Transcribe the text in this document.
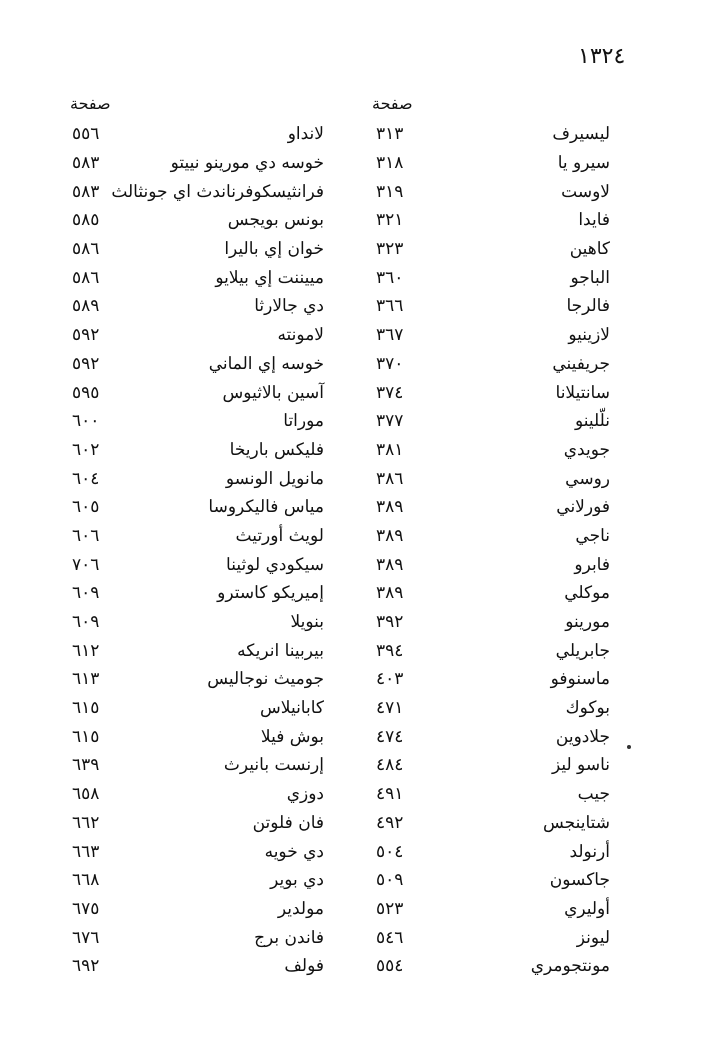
١٣٢٤
صفحة
صفحة
ليسيرف
٣١٣
سيرو يا
٣١٨
لاوست
٣١٩
فايدا
٣٢١
كاهين
٣٢٣
الباجو
٣٦٠
فالرجا
٣٦٦
لازينيو
٣٦٧
جريفيني
٣٧٠
سانتيلانا
٣٧٤
نلّلينو
٣٧٧
جويدي
٣٨١
روسي
٣٨٦
فورلاني
٣٨٩
ناجي
٣٨٩
فابرو
٣٨٩
موكلي
٣٨٩
مورينو
٣٩٢
جابريلي
٣٩٤
ماسنوفو
٤٠٣
بوكوك
٤٧١
جلادوين
٤٧٤
ناسو ليز
٤٨٤
جيب
٤٩١
شتاينجس
٤٩٢
أرنولد
٥٠٤
جاكسون
٥٠٩
أوليري
٥٢٣
ليونز
٥٤٦
مونتجومري
٥٥٤
لانداو
٥٥٦
خوسه دي مورينو نييتو
٥٨٣
فرانثيسكوفرناندث اي جونثالث
٥٨٣
بونس بويجس
٥٨٥
خوان إي باليرا
٥٨٦
مييننت إي بيلايو
٥٨٦
دي جالارثا
٥٨٩
لامونته
٥٩٢
خوسه إي الماني
٥٩٢
آسين بالاثيوس
٥٩٥
موراتا
٦٠٠
فليكس باريخا
٦٠٢
مانويل الونسو
٦٠٤
مياس فاليكروسا
٦٠٥
لويث أورتيث
٦٠٦
سيكودي لوثينا
٧٠٦
إميريكو كاسترو
٦٠٩
بنويلا
٦٠٩
بيربينا انريكه
٦١٢
جوميث نوجاليس
٦١٣
كابانيلاس
٦١٥
بوش فيلا
٦١٥
إرنست بانيرث
٦٣٩
دوزي
٦٥٨
فان فلوتن
٦٦٢
دي خويه
٦٦٣
دي بوير
٦٦٨
مولدير
٦٧٥
فاندن برج
٦٧٦
فولف
٦٩٢
